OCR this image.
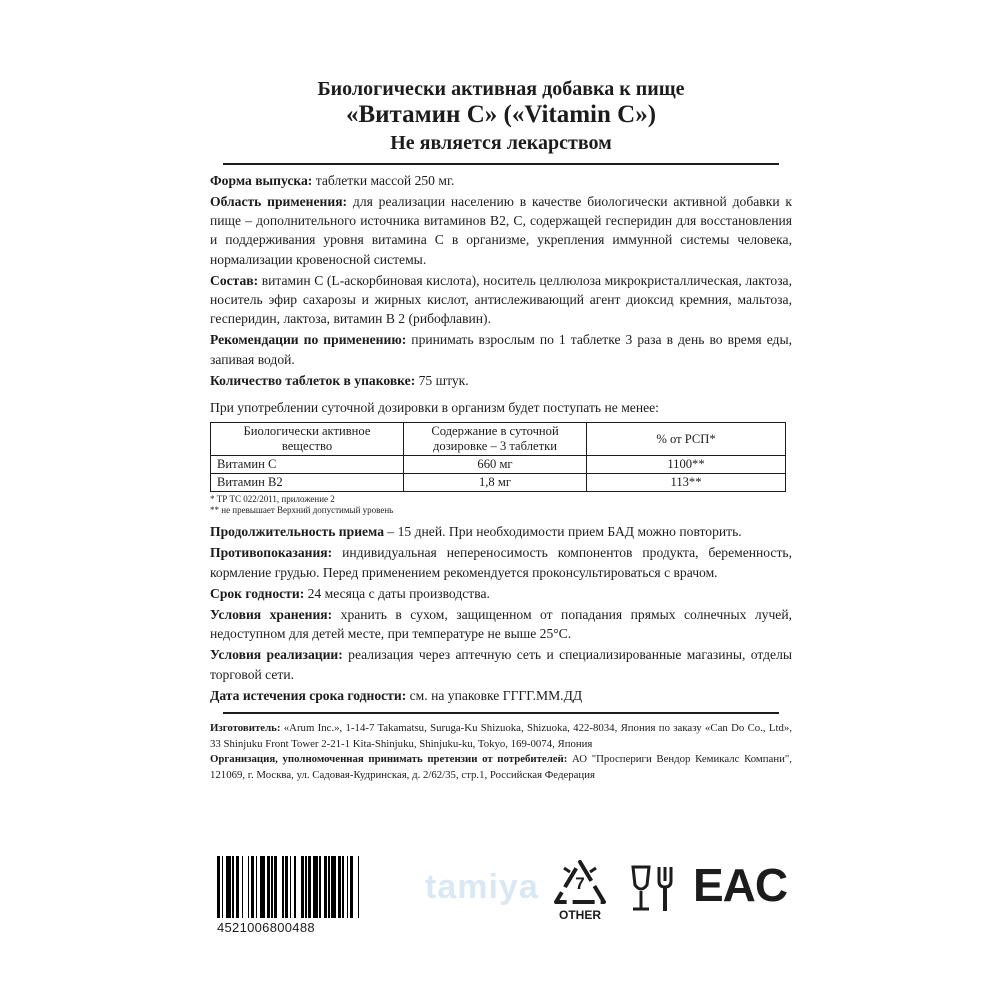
Биологически активная добавка к пище
«Витамин С» («Vitamin C»)
Не является лекарством
Форма выпуска: таблетки массой 250 мг.
Область применения: для реализации населению в качестве биологически активной добавки к пище – дополнительного источника витаминов В2, С, содержащей гесперидин для восстановления и поддерживания уровня витамина С в организме, укрепления иммунной системы человека, нормализации кровеносной системы.
Состав: витамин С (L-аскорбиновая кислота), носитель целлюлоза микрокристаллическая, лактоза, носитель эфир сахарозы и жирных кислот, антислеживающий агент диоксид кремния, мальтоза, гесперидин, лактоза, витамин В 2 (рибофлавин).
Рекомендации по применению: принимать взрослым по 1 таблетке 3 раза в день во время еды, запивая водой.
Количество таблеток в упаковке: 75 штук.
При употреблении суточной дозировки в организм будет поступать не менее:
Биологически активное вещество	Содержание в суточной дозировке – 3 таблетки	% от РСП*
Витамин С	660 мг	1100**
Витамин В2	1,8 мг	113**
* ТР ТС 022/2011, приложение 2
** не превышает Верхний допустимый уровень
Продолжительность приема – 15 дней. При необходимости прием БАД можно повторить.
Противопоказания: индивидуальная непереносимость компонентов продукта, беременность, кормление грудью. Перед применением рекомендуется проконсультироваться с врачом.
Срок годности: 24 месяца с даты производства.
Условия хранения: хранить в сухом, защищенном от попадания прямых солнечных лучей, недоступном для детей месте, при температуре не выше 25°С.
Условия реализации: реализация через аптечную сеть и специализированные магазины, отделы торговой сети.
Дата истечения срока годности: см. на упаковке ГГГГ.ММ.ДД
Изготовитель: «Arum Inc.», 1-14-7 Takamatsu, Suruga-Ku Shizuoka, Shizuoka, 422-8034, Япония по заказу «Can Do Co., Ltd», 33 Shinjuku Front Tower 2-21-1 Kita-Shinjuku, Shinjuku-ku, Tokyo, 169-0074, Япония
Организация, уполномоченная принимать претензии от потребителей: АО "Проспериги Вендор Кемикалс Компани", 121069, г. Москва, ул. Садовая-Кудринская, д. 2/62/35, стр.1, Российская Федерация
4521006800488
tamiya	7
OTHER
EAC
